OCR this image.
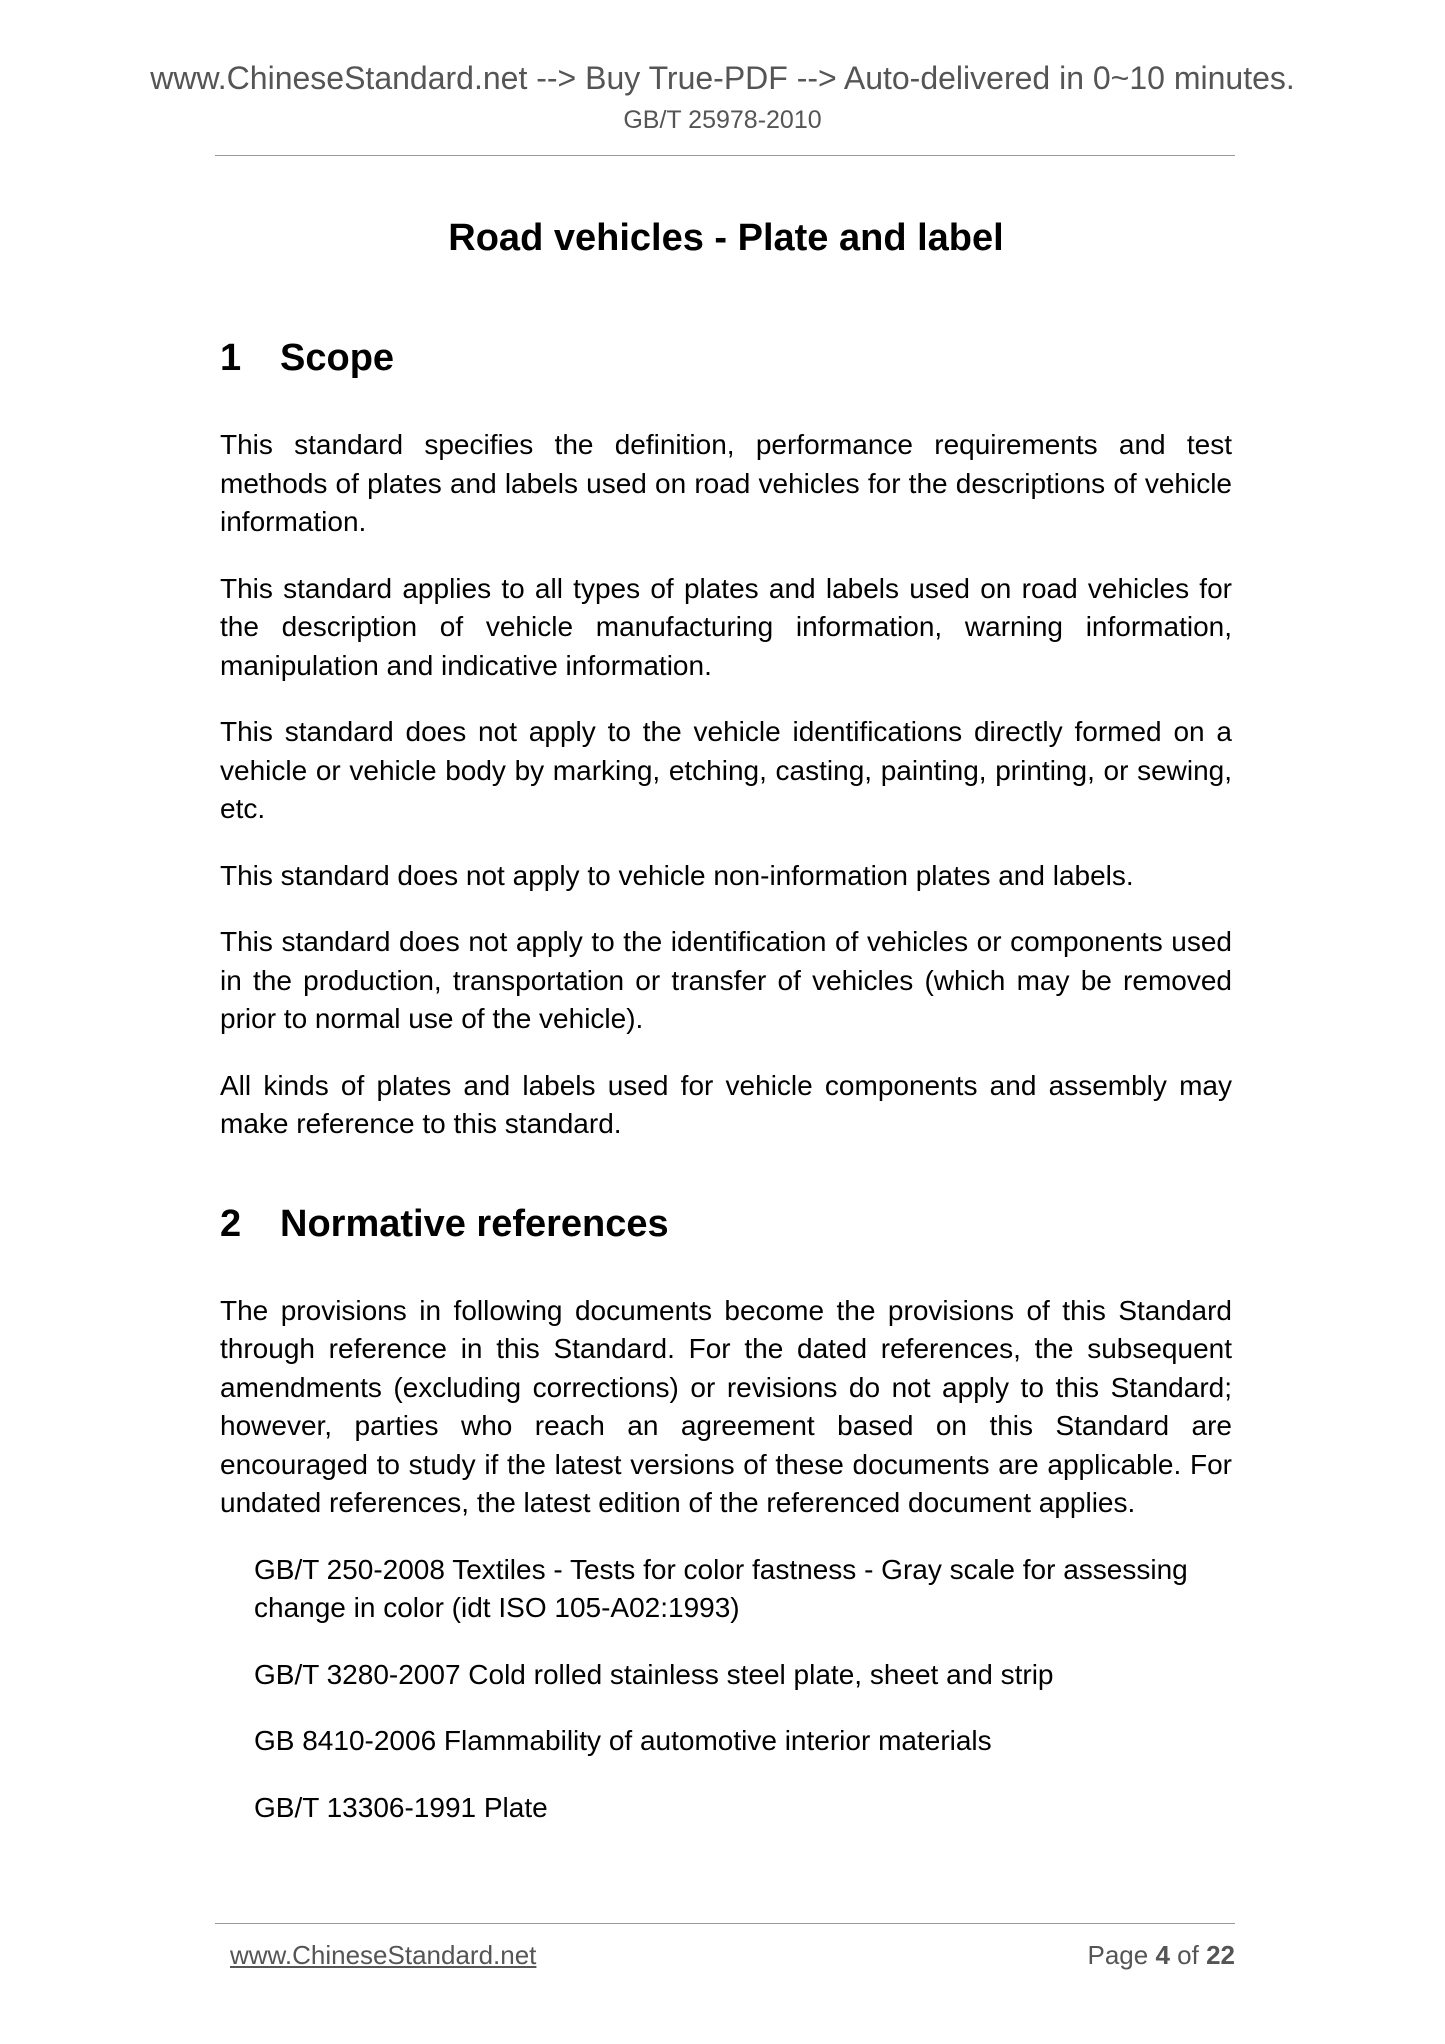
www.ChineseStandard.net --> Buy True-PDF --> Auto-delivered in 0~10 minutes.
GB/T 25978-2010
Road vehicles - Plate and label
1	Scope

This standard specifies the definition, performance requirements and test methods of plates and labels used on road vehicles for the descriptions of vehicle information.

This standard applies to all types of plates and labels used on road vehicles for the description of vehicle manufacturing information, warning information, manipulation and indicative information.

This standard does not apply to the vehicle identifications directly formed on a vehicle or vehicle body by marking, etching, casting, painting, printing, or sewing, etc.

This standard does not apply to vehicle non-information plates and labels.

This standard does not apply to the identification of vehicles or components used in the production, transportation or transfer of vehicles (which may be removed prior to normal use of the vehicle).

All kinds of plates and labels used for vehicle components and assembly may make reference to this standard.

2	Normative references

The provisions in following documents become the provisions of this Standard through reference in this Standard. For the dated references, the subsequent amendments (excluding corrections) or revisions do not apply to this Standard; however, parties who reach an agreement based on this Standard are encouraged to study if the latest versions of these documents are applicable. For undated references, the latest edition of the referenced document applies.

GB/T 250-2008 Textiles - Tests for color fastness - Gray scale for assessing change in color (idt ISO 105-A02:1993)
GB/T 3280-2007 Cold rolled stainless steel plate, sheet and strip
GB 8410-2006 Flammability of automotive interior materials
GB/T 13306-1991 Plate
www.ChineseStandard.net	Page 4 of 22
